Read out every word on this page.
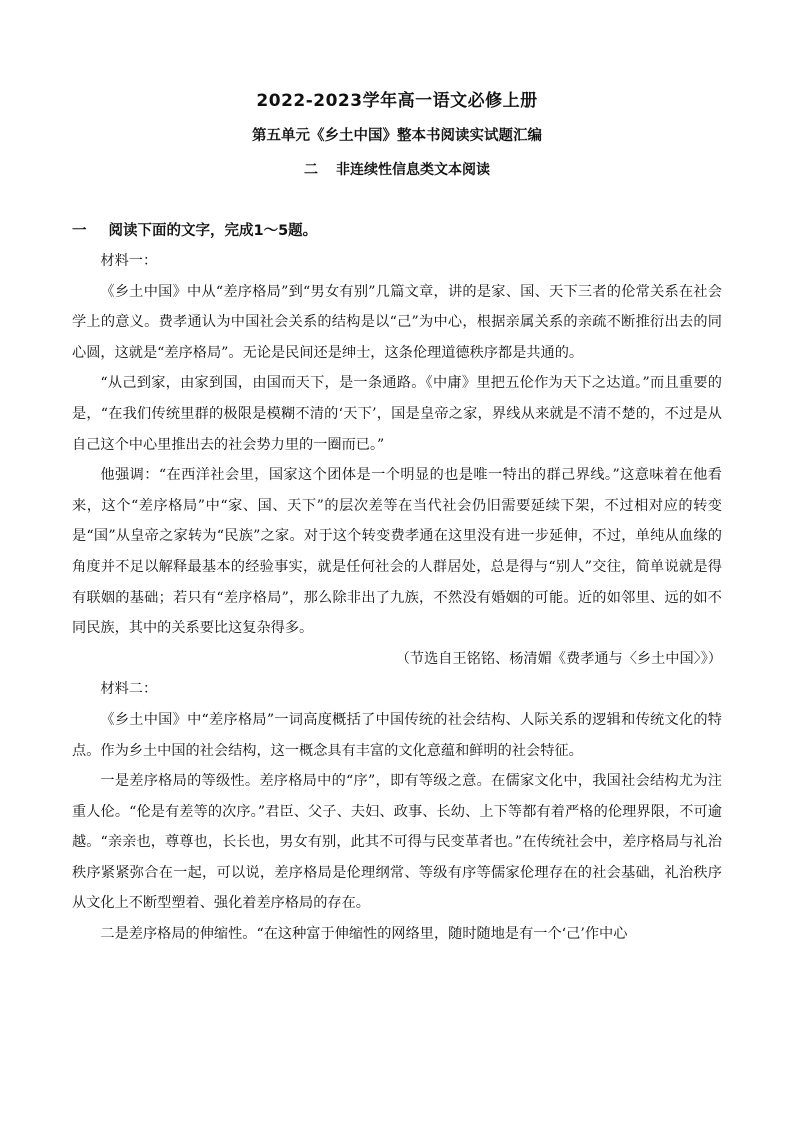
2022-2023学年高一语文必修上册
第五单元《乡土中国》整本书阅读实试题汇编
二 非连续性信息类文本阅读
一 阅读下面的文字，完成1～5题。

材料一：

《乡土中国》中从“差序格局”到“男女有别”几篇文章，讲的是家、国、天下三者的伦常关系在社会学上的意义。费孝通认为中国社会关系的结构是以“己”为中心，根据亲属关系的亲疏不断推衍出去的同心圆，这就是“差序格局”。无论是民间还是绅士，这条伦理道德秩序都是共通的。

“从己到家，由家到国，由国而天下，是一条通路。《中庸》里把五伦作为天下之达道。”而且重要的是，“在我们传统里群的极限是模糊不清的‘天下’，国是皇帝之家，界线从来就是不清不楚的，不过是从自己这个中心里推出去的社会势力里的一圈而已。”

他强调：“在西洋社会里，国家这个团体是一个明显的也是唯一特出的群己界线。”这意味着在他看来，这个“差序格局”中“家、国、天下”的层次差等在当代社会仍旧需要延续下架，不过相对应的转变是“国”从皇帝之家转为“民族”之家。对于这个转变费孝通在这里没有进一步延伸，不过，单纯从血缘的角度并不足以解释最基本的经验事实，就是任何社会的人群居处，总是得与“别人”交往，简单说就是得有联姻的基础；若只有“差序格局”，那么除非出了九族，不然没有婚姻的可能。近的如邻里、远的如不同民族，其中的关系要比这复杂得多。

（节选自王铭铭、杨清媚《费孝通与〈乡土中国〉》）

材料二：

《乡土中国》中“差序格局”一词高度概括了中国传统的社会结构、人际关系的逻辑和传统文化的特点。作为乡土中国的社会结构，这一概念具有丰富的文化意蕴和鲜明的社会特征。

一是差序格局的等级性。差序格局中的“序”，即有等级之意。在儒家文化中，我国社会结构尤为注重人伦。“伦是有差等的次序。”君臣、父子、夫妇、政事、长幼、上下等都有着严格的伦理界限，不可逾越。“亲亲也，尊尊也，长长也，男女有别，此其不可得与民变革者也。”在传统社会中，差序格局与礼治秩序紧紧弥合在一起，可以说，差序格局是伦理纲常、等级有序等儒家伦理存在的社会基础，礼治秩序从文化上不断型塑着、强化着差序格局的存在。

二是差序格局的伸缩性。“在这种富于伸缩性的网络里，随时随地是有一个‘己’作中心
